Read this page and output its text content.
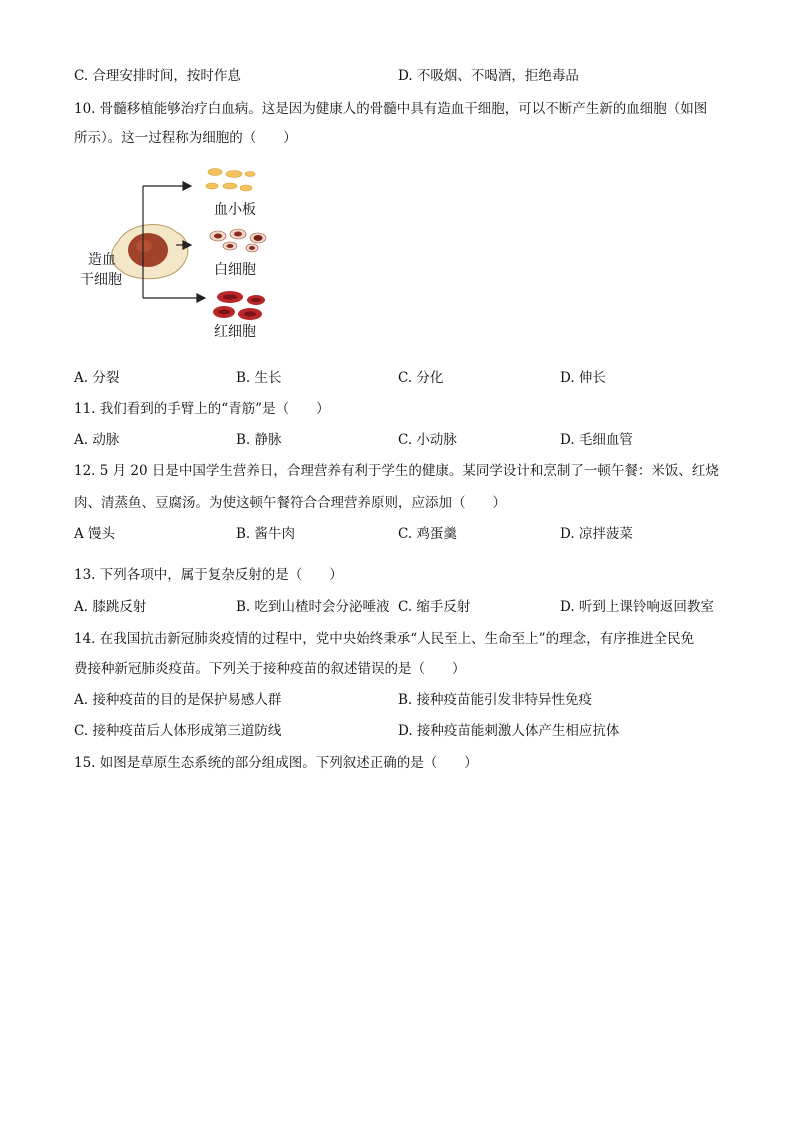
C. 合理安排时间，按时作息	D. 不吸烟、不喝酒，拒绝毒品
10. 骨髓移植能够治疗白血病。这是因为健康人的骨髓中具有造血干细胞，可以不断产生新的血细胞（如图
所示）。这一过程称为细胞的（　　）
血小板
白细胞
红细胞
造血
干细胞
A. 分裂	B. 生长	C. 分化	D. 伸长
11. 我们看到的手臂上的“青筋”是（　　）
A. 动脉	B. 静脉	C. 小动脉	D. 毛细血管
12. 5 月 20 日是中国学生营养日，合理营养有利于学生的健康。某同学设计和烹制了一顿午餐：米饭、红烧
肉、清蒸鱼、豆腐汤。为使这顿午餐符合合理营养原则，应添加（　　）
A 馒头	B. 酱牛肉	C. 鸡蛋羹	D. 凉拌菠菜
13. 下列各项中，属于复杂反射的是（　　）
A. 膝跳反射	B. 吃到山楂时会分泌唾液 C. 缩手反射	D. 听到上课铃响返回教室
14. 在我国抗击新冠肺炎疫情的过程中，党中央始终秉承“人民至上、生命至上”的理念，有序推进全民免
费接种新冠肺炎疫苗。下列关于接种疫苗的叙述错误的是（　　）
A. 接种疫苗的目的是保护易感人群	B. 接种疫苗能引发非特异性免疫
C. 接种疫苗后人体形成第三道防线	D. 接种疫苗能刺激人体产生相应抗体
15. 如图是草原生态系统的部分组成图。下列叙述正确的是（　　）
